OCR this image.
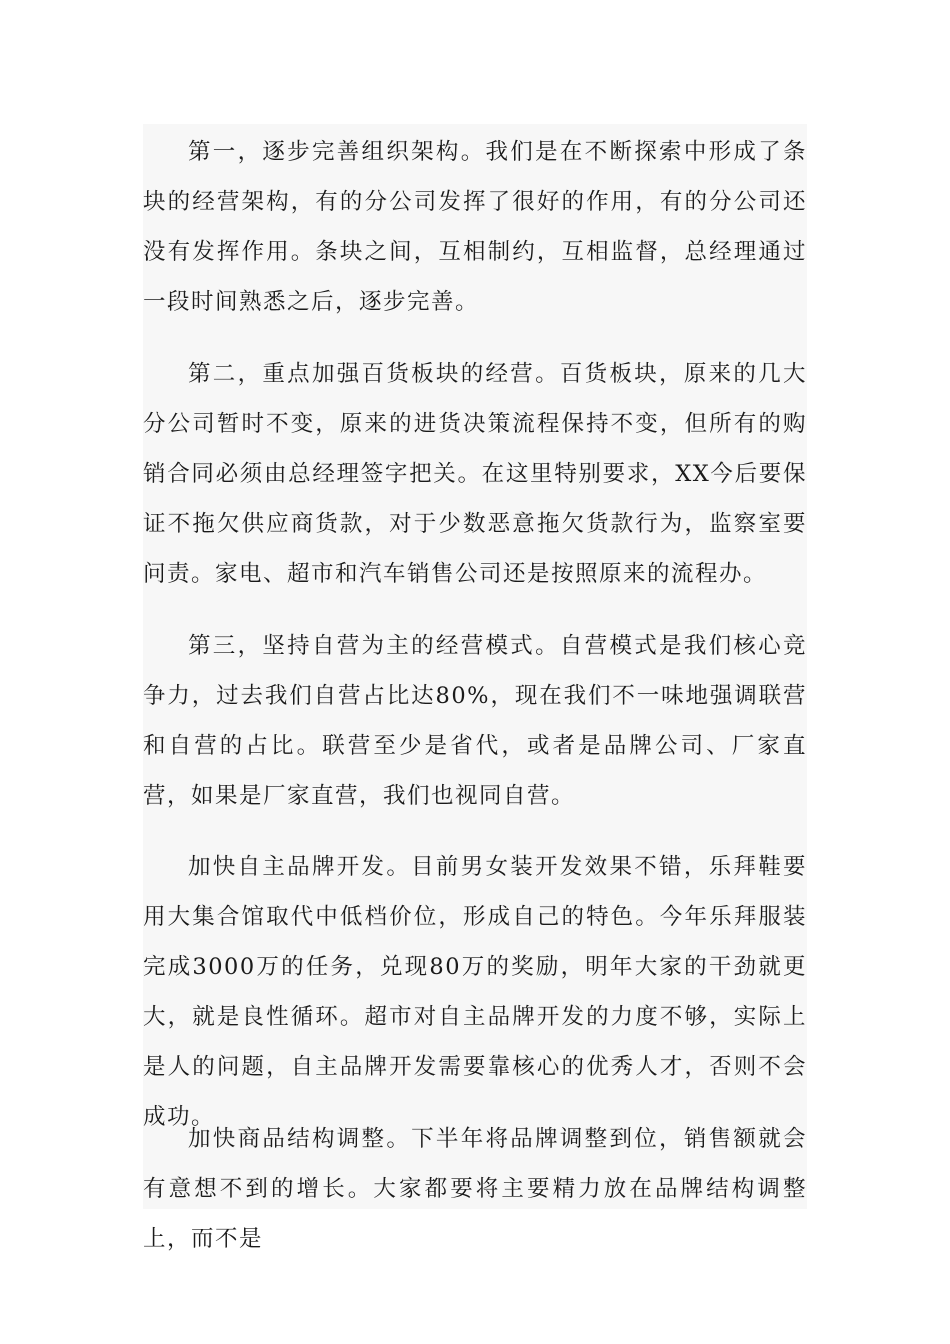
第一，逐步完善组织架构。我们是在不断探索中形成了条块的经营架构，有的分公司发挥了很好的作用，有的分公司还没有发挥作用。条块之间，互相制约，互相监督，总经理通过一段时间熟悉之后，逐步完善。

第二，重点加强百货板块的经营。百货板块，原来的几大分公司暂时不变，原来的进货决策流程保持不变，但所有的购销合同必须由总经理签字把关。在这里特别要求，XX今后要保证不拖欠供应商货款，对于少数恶意拖欠货款行为，监察室要问责。家电、超市和汽车销售公司还是按照原来的流程办。

第三，坚持自营为主的经营模式。自营模式是我们核心竞争力，过去我们自营占比达80%，现在我们不一味地强调联营和自营的占比。联营至少是省代，或者是品牌公司、厂家直营，如果是厂家直营，我们也视同自营。

加快自主品牌开发。目前男女装开发效果不错，乐拜鞋要用大集合馆取代中低档价位，形成自己的特色。今年乐拜服装完成3000万的任务，兑现80万的奖励，明年大家的干劲就更大，就是良性循环。超市对自主品牌开发的力度不够，实际上是人的问题，自主品牌开发需要靠核心的优秀人才，否则不会成功。

加快商品结构调整。下半年将品牌调整到位，销售额就会有意想不到的增长。大家都要将主要精力放在品牌结构调整上，而不是
